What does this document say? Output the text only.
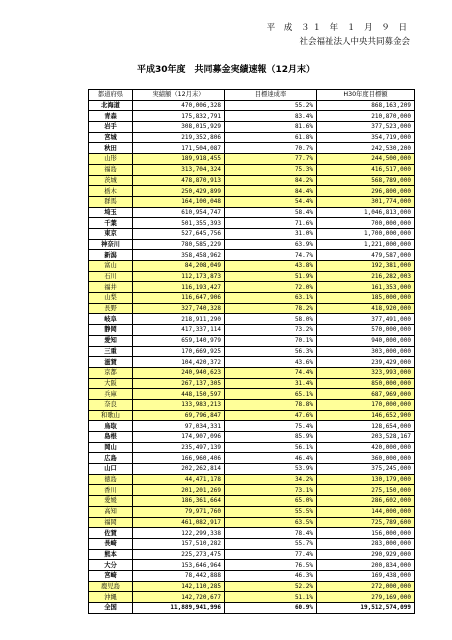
平 成 ３１ 年 １ 月 ９ 日
社会福祉法人中央共同募金会
平成30年度　共同募金実績速報（12月末）
都道府県	実績額（12月末）	目標達成率	H30年度目標額
北海道	470,006,328	55.2%	868,163,209
青森	175,832,791	83.4%	210,870,000
岩手	308,015,929	81.6%	377,523,000
宮城	219,352,806	61.8%	354,719,000
秋田	171,504,087	70.7%	242,530,200
山形	189,918,455	77.7%	244,500,000
福島	313,704,324	75.3%	416,517,000
茨城	478,870,913	84.2%	568,789,000
栃木	250,429,899	84.4%	296,800,000
群馬	164,100,048	54.4%	301,774,000
埼玉	610,954,747	58.4%	1,046,813,000
千葉	501,355,393	71.6%	700,000,000
東京	527,645,756	31.0%	1,700,000,000
神奈川	780,585,229	63.9%	1,221,000,000
新潟	358,458,962	74.7%	479,587,000
富山	84,208,049	43.8%	192,381,000
石川	112,173,873	51.9%	216,282,003
福井	116,193,427	72.0%	161,353,000
山梨	116,647,906	63.1%	185,000,000
長野	327,740,328	78.2%	418,920,000
岐阜	218,911,290	58.0%	377,491,000
静岡	417,337,114	73.2%	570,000,000
愛知	659,140,979	70.1%	940,000,000
三重	170,669,925	56.3%	303,000,000
滋賀	104,420,372	43.6%	239,429,000
京都	240,940,623	74.4%	323,993,000
大阪	267,137,305	31.4%	850,000,000
兵庫	448,150,597	65.1%	687,969,000
奈良	133,983,213	78.8%	170,000,000
和歌山	69,796,847	47.6%	146,652,900
鳥取	97,034,331	75.4%	128,654,000
島根	174,907,096	85.9%	203,528,167
岡山	235,497,139	56.1%	420,000,000
広島	166,960,406	46.4%	360,000,000
山口	202,262,814	53.9%	375,245,000
徳島	44,471,178	34.2%	130,179,000
香川	201,201,269	73.1%	275,150,000
愛媛	186,361,664	65.0%	286,602,000
高知	79,971,760	55.5%	144,000,000
福岡	461,082,917	63.5%	725,789,600
佐賀	122,299,338	78.4%	156,000,000
長崎	157,510,282	55.7%	283,000,000
熊本	225,273,475	77.4%	290,929,000
大分	153,646,964	76.5%	200,834,000
宮崎	78,442,888	46.3%	169,438,000
鹿児島	142,110,285	52.2%	272,000,000
沖縄	142,720,677	51.1%	279,169,000
全国	11,889,941,996	60.9%	19,512,574,099
